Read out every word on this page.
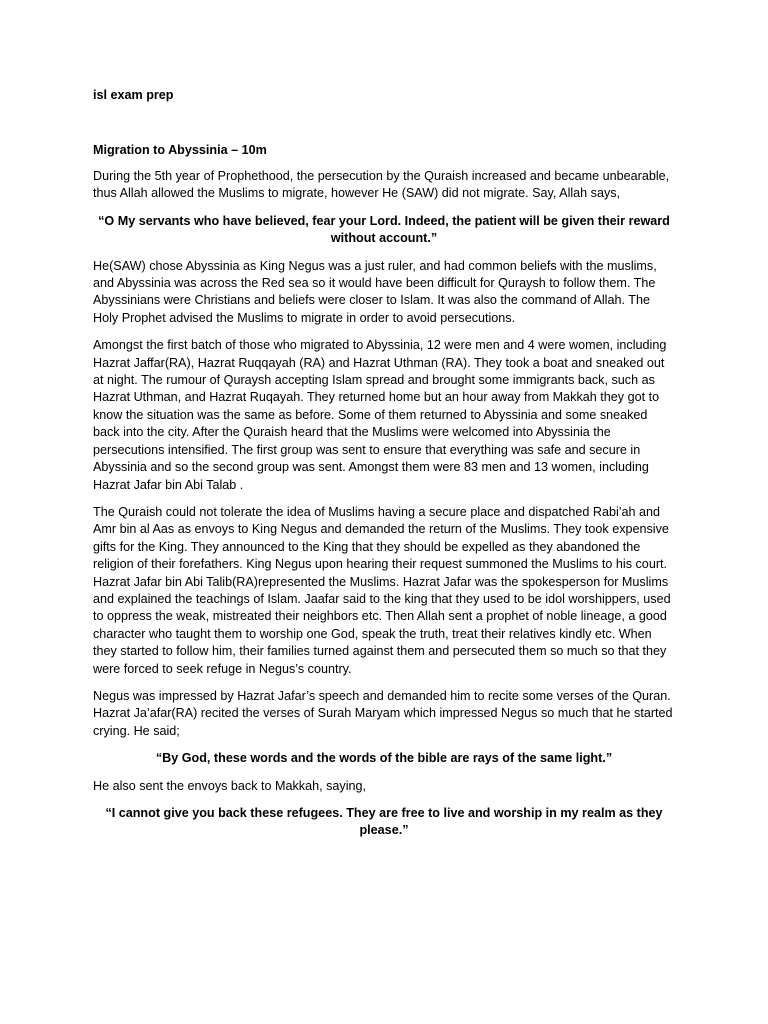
isl exam prep
Migration to Abyssinia – 10m

During the 5th year of Prophethood, the persecution by the Quraish increased and became unbearable, thus Allah allowed the Muslims to migrate, however He (SAW) did not migrate. Say, Allah says,

“O My servants who have believed, fear your Lord. Indeed, the patient will be given their reward without account.”

He(SAW) chose Abyssinia as King Negus was a just ruler, and had common beliefs with the muslims, and Abyssinia was across the Red sea so it would have been difficult for Quraysh to follow them. The Abyssinians were Christians and beliefs were closer to Islam. It was also the command of Allah. The Holy Prophet advised the Muslims to migrate in order to avoid persecutions.

Amongst the first batch of those who migrated to Abyssinia, 12 were men and 4 were women, including Hazrat Jaffar(RA), Hazrat Ruqqayah (RA) and Hazrat Uthman (RA). They took a boat and sneaked out at night. The rumour of Quraysh accepting Islam spread and brought some immigrants back, such as Hazrat Uthman, and Hazrat Ruqayah. They returned home but an hour away from Makkah they got to know the situation was the same as before. Some of them returned to Abyssinia and some sneaked back into the city. After the Quraish heard that the Muslims were welcomed into Abyssinia the persecutions intensified. The first group was sent to ensure that everything was safe and secure in Abyssinia and so the second group was sent. Amongst them were 83 men and 13 women, including Hazrat Jafar bin Abi Talab .

The Quraish could not tolerate the idea of Muslims having a secure place and dispatched Rabi’ah and Amr bin al Aas as envoys to King Negus and demanded the return of the Muslims. They took expensive gifts for the King. They announced to the King that they should be expelled as they abandoned the religion of their forefathers. King Negus upon hearing their request summoned the Muslims to his court. Hazrat Jafar bin Abi Talib(RA)represented the Muslims. Hazrat Jafar was the spokesperson for Muslims and explained the teachings of Islam. Jaafar said to the king that they used to be idol worshippers, used to oppress the weak, mistreated their neighbors etc. Then Allah sent a prophet of noble lineage, a good character who taught them to worship one God, speak the truth, treat their relatives kindly etc. When they started to follow him, their families turned against them and persecuted them so much so that they were forced to seek refuge in Negus’s country.

Negus was impressed by Hazrat Jafar’s speech and demanded him to recite some verses of the Quran. Hazrat Ja’afar(RA) recited the verses of Surah Maryam which impressed Negus so much that he started crying. He said;

“By God, these words and the words of the bible are rays of the same light.”

He also sent the envoys back to Makkah, saying,

“I cannot give you back these refugees. They are free to live and worship in my realm as they please.”
